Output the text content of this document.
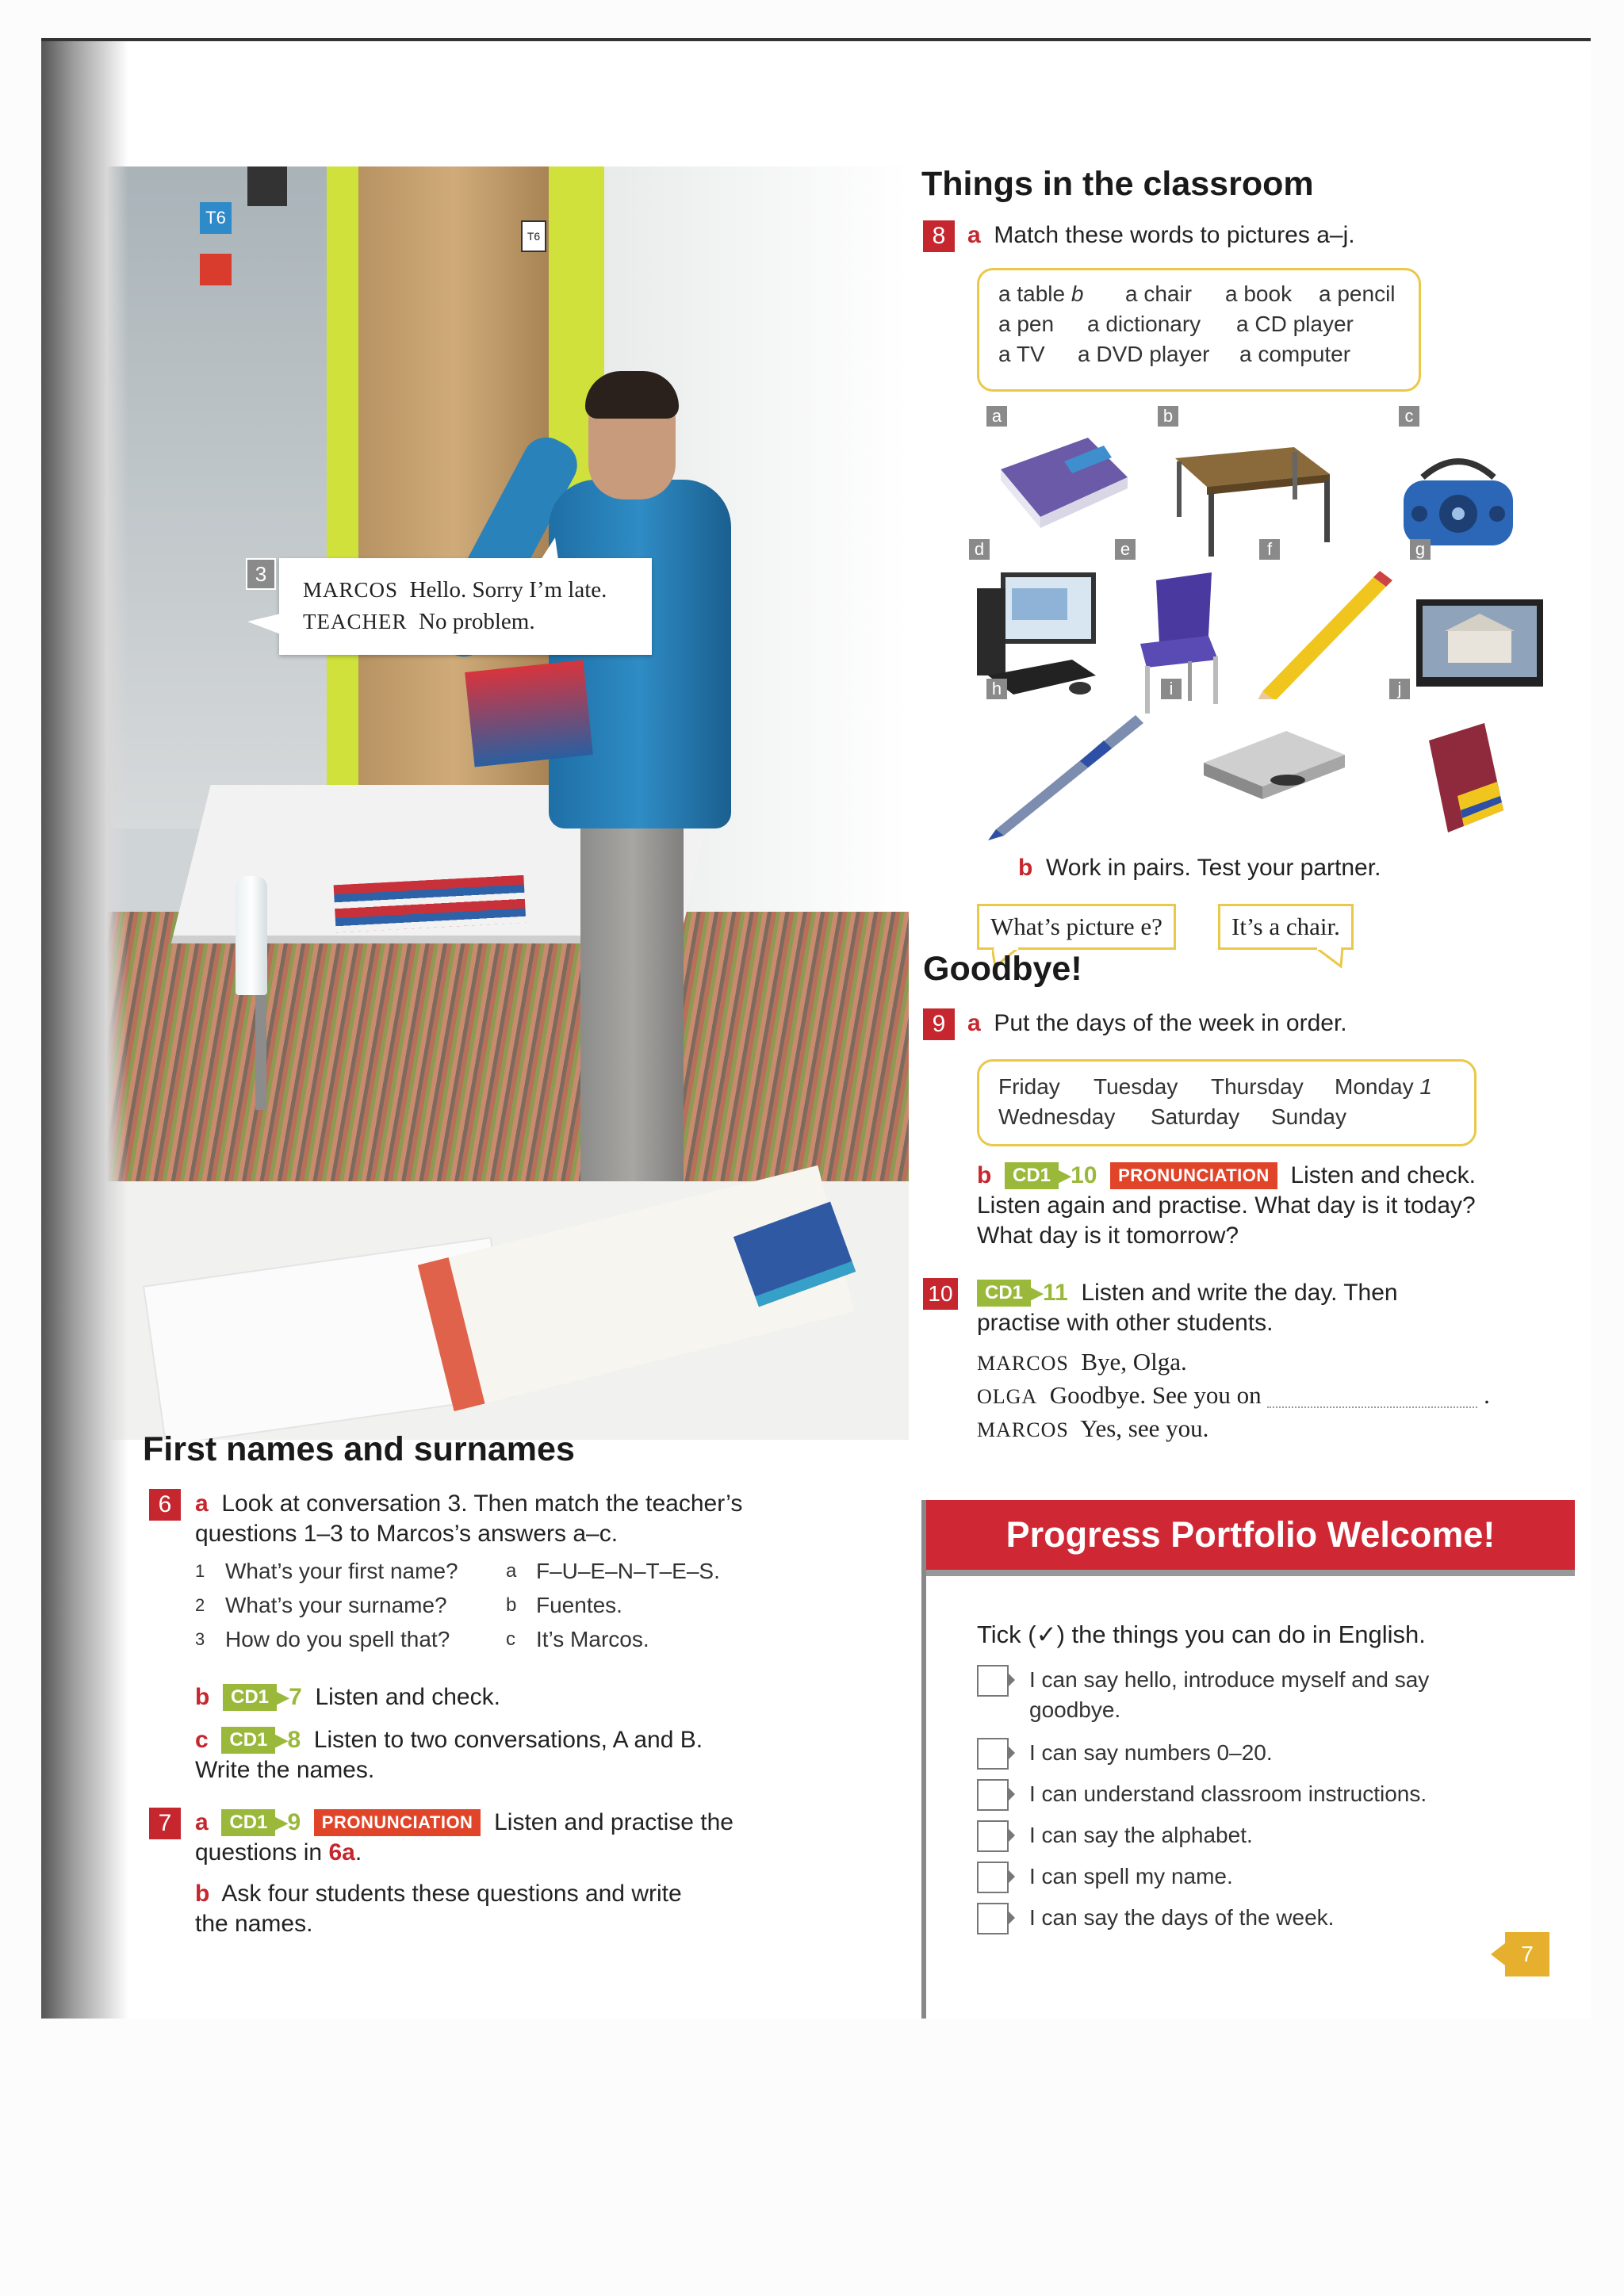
T6
T6
3
MARCOS Hello. Sorry I’m late.
TEACHER No problem.
Things in the classroom
8 a Match these words to pictures a–j.
a table b a chair a book a pencil
a pen a dictionary a CD player
a TV a DVD player a computer
a	b	c
d	e	f	g
h	i	j
b Work in pairs. Test your partner.
What’s picture e?	It’s a chair.
Goodbye!
9 a Put the days of the week in order.
Friday Tuesday Thursday Monday 1
Wednesday Saturday Sunday
b CD1 ▸10 PRONUNCIATION Listen and check.
Listen again and practise. What day is it today?
What day is it tomorrow?
10	CD1 ▸11 Listen and write the day. Then
practise with other students.
MARCOS Bye, Olga.
OLGA Goodbye. See you on	.
MARCOS Yes, see you.
First names and surnames
6 a Look at conversation 3. Then match the teacher’s
questions 1–3 to Marcos’s answers a–c.
1 What’s your first name?	a F–U–E–N–T–E–S.
2 What’s your surname?	b Fuentes.
3 How do you spell that?	c It’s Marcos.
b CD1 ▸7 Listen and check.
c CD1 ▸8 Listen to two conversations, A and B.
Write the names.
7 a CD1 ▸9 PRONUNCIATION Listen and practise the
questions in 6a.
b Ask four students these questions and write
the names.
Progress Portfolio Welcome!
Tick (✓) the things you can do in English.
I can say hello, introduce myself and say goodbye.
I can say numbers 0–20.
I can understand classroom instructions.
I can say the alphabet.
I can spell my name.
I can say the days of the week.
7
